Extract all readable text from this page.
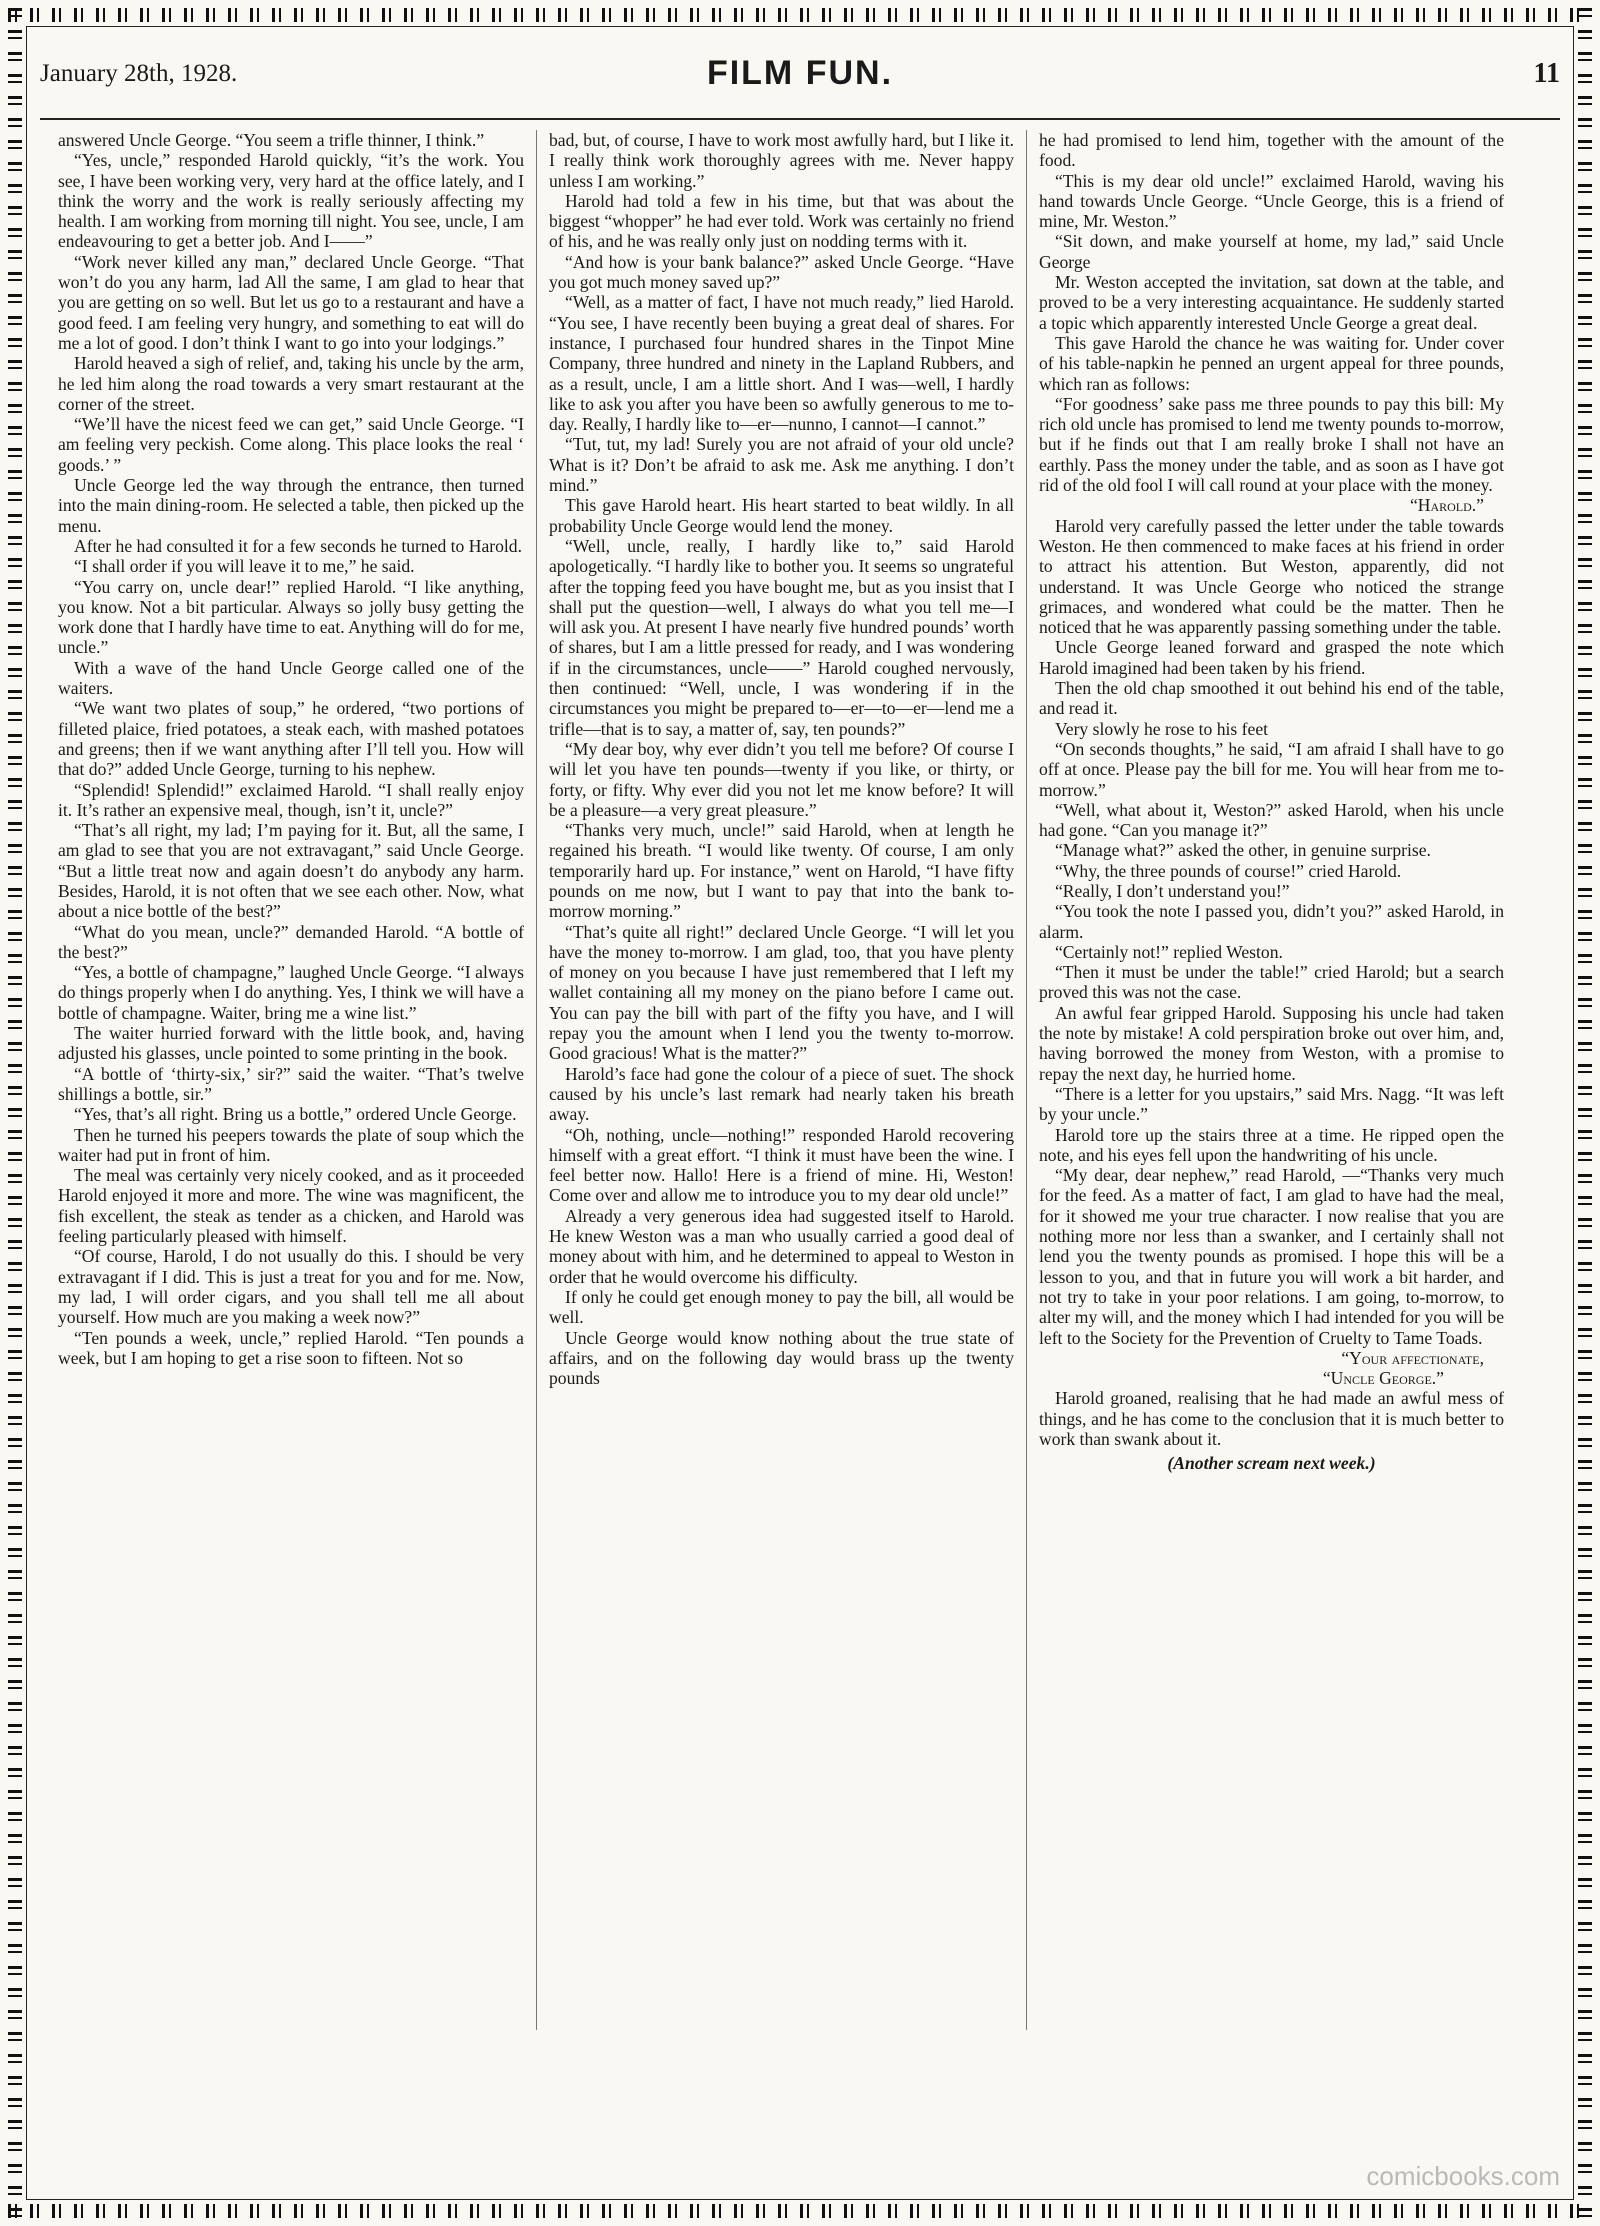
January 28th, 1928.	FILM FUN.	11

answered Uncle George. “You seem a trifle thinner, I think.”

“Yes, uncle,” responded Harold quickly, “it’s the work. You see, I have been working very, very hard at the office lately, and I think the worry and the work is really seriously affecting my health. I am working from morning till night. You see, uncle, I am endeavouring to get a better job. And I——”

“Work never killed any man,” declared Uncle George. “That won’t do you any harm, lad All the same, I am glad to hear that you are getting on so well. But let us go to a restaurant and have a good feed. I am feeling very hungry, and something to eat will do me a lot of good. I don’t think I want to go into your lodgings.”

Harold heaved a sigh of relief, and, taking his uncle by the arm, he led him along the road towards a very smart restaurant at the corner of the street.

“We’ll have the nicest feed we can get,” said Uncle George. “I am feeling very peckish. Come along. This place looks the real ‘ goods.’ ”

Uncle George led the way through the entrance, then turned into the main dining-room. He selected a table, then picked up the menu.

After he had consulted it for a few seconds he turned to Harold.

“I shall order if you will leave it to me,” he said.

“You carry on, uncle dear!” replied Harold. “I like anything, you know. Not a bit particular. Always so jolly busy getting the work done that I hardly have time to eat. Anything will do for me, uncle.”

With a wave of the hand Uncle George called one of the waiters.

“We want two plates of soup,” he ordered, “two portions of filleted plaice, fried potatoes, a steak each, with mashed potatoes and greens; then if we want anything after I’ll tell you. How will that do?” added Uncle George, turning to his nephew.

“Splendid! Splendid!” exclaimed Harold. “I shall really enjoy it. It’s rather an expensive meal, though, isn’t it, uncle?”

“That’s all right, my lad; I’m paying for it. But, all the same, I am glad to see that you are not extravagant,” said Uncle George. “But a little treat now and again doesn’t do anybody any harm. Besides, Harold, it is not often that we see each other. Now, what about a nice bottle of the best?”

“What do you mean, uncle?” demanded Harold. “A bottle of the best?”

“Yes, a bottle of champagne,” laughed Uncle George. “I always do things properly when I do anything. Yes, I think we will have a bottle of champagne. Waiter, bring me a wine list.”

The waiter hurried forward with the little book, and, having adjusted his glasses, uncle pointed to some printing in the book.

“A bottle of ‘thirty-six,’ sir?” said the waiter. “That’s twelve shillings a bottle, sir.”

“Yes, that’s all right. Bring us a bottle,” ordered Uncle George.

Then he turned his peepers towards the plate of soup which the waiter had put in front of him.

The meal was certainly very nicely cooked, and as it proceeded Harold enjoyed it more and more. The wine was magnificent, the fish excellent, the steak as tender as a chicken, and Harold was feeling particularly pleased with himself.

“Of course, Harold, I do not usually do this. I should be very extravagant if I did. This is just a treat for you and for me. Now, my lad, I will order cigars, and you shall tell me all about yourself. How much are you making a week now?”

“Ten pounds a week, uncle,” replied Harold. “Ten pounds a week, but I am hoping to get a rise soon to fifteen. Not so

bad, but, of course, I have to work most awfully hard, but I like it. I really think work thoroughly agrees with me. Never happy unless I am working.”

Harold had told a few in his time, but that was about the biggest “whopper” he had ever told. Work was certainly no friend of his, and he was really only just on nodding terms with it.

“And how is your bank balance?” asked Uncle George. “Have you got much money saved up?”

“Well, as a matter of fact, I have not much ready,” lied Harold. “You see, I have recently been buying a great deal of shares. For instance, I purchased four hundred shares in the Tinpot Mine Company, three hundred and ninety in the Lapland Rubbers, and as a result, uncle, I am a little short. And I was—well, I hardly like to ask you after you have been so awfully generous to me to-day. Really, I hardly like to—er—nunno, I cannot—I cannot.”

“Tut, tut, my lad! Surely you are not afraid of your old uncle? What is it? Don’t be afraid to ask me. Ask me anything. I don’t mind.”

This gave Harold heart. His heart started to beat wildly. In all probability Uncle George would lend the money.

“Well, uncle, really, I hardly like to,” said Harold apologetically. “I hardly like to bother you. It seems so ungrateful after the topping feed you have bought me, but as you insist that I shall put the question—well, I always do what you tell me—I will ask you. At present I have nearly five hundred pounds’ worth of shares, but I am a little pressed for ready, and I was wondering if in the circumstances, uncle——” Harold coughed nervously, then continued: “Well, uncle, I was wondering if in the circumstances you might be prepared to—er—to—er—lend me a trifle—that is to say, a matter of, say, ten pounds?”

“My dear boy, why ever didn’t you tell me before? Of course I will let you have ten pounds—twenty if you like, or thirty, or forty, or fifty. Why ever did you not let me know before? It will be a pleasure—a very great pleasure.”

“Thanks very much, uncle!” said Harold, when at length he regained his breath. “I would like twenty. Of course, I am only temporarily hard up. For instance,” went on Harold, “I have fifty pounds on me now, but I want to pay that into the bank to-morrow morning.”

“That’s quite all right!” declared Uncle George. “I will let you have the money to-morrow. I am glad, too, that you have plenty of money on you because I have just remembered that I left my wallet containing all my money on the piano before I came out. You can pay the bill with part of the fifty you have, and I will repay you the amount when I lend you the twenty to-morrow. Good gracious! What is the matter?”

Harold’s face had gone the colour of a piece of suet. The shock caused by his uncle’s last remark had nearly taken his breath away.

“Oh, nothing, uncle—nothing!” responded Harold recovering himself with a great effort. “I think it must have been the wine. I feel better now. Hallo! Here is a friend of mine. Hi, Weston! Come over and allow me to introduce you to my dear old uncle!”

Already a very generous idea had suggested itself to Harold. He knew Weston was a man who usually carried a good deal of money about with him, and he determined to appeal to Weston in order that he would overcome his difficulty.

If only he could get enough money to pay the bill, all would be well.

Uncle George would know nothing about the true state of affairs, and on the following day would brass up the twenty pounds

he had promised to lend him, together with the amount of the food.

“This is my dear old uncle!” exclaimed Harold, waving his hand towards Uncle George. “Uncle George, this is a friend of mine, Mr. Weston.”

“Sit down, and make yourself at home, my lad,” said Uncle George

Mr. Weston accepted the invitation, sat down at the table, and proved to be a very interesting acquaintance. He suddenly started a topic which apparently interested Uncle George a great deal.

This gave Harold the chance he was waiting for. Under cover of his table-napkin he penned an urgent appeal for three pounds, which ran as follows:

“For goodness’ sake pass me three pounds to pay this bill: My rich old uncle has promised to lend me twenty pounds to-morrow, but if he finds out that I am really broke I shall not have an earthly. Pass the money under the table, and as soon as I have got rid of the old fool I will call round at your place with the money.

“Harold.”

Harold very carefully passed the letter under the table towards Weston. He then commenced to make faces at his friend in order to attract his attention. But Weston, apparently, did not understand. It was Uncle George who noticed the strange grimaces, and wondered what could be the matter. Then he noticed that he was apparently passing something under the table.

Uncle George leaned forward and grasped the note which Harold imagined had been taken by his friend.

Then the old chap smoothed it out behind his end of the table, and read it.

Very slowly he rose to his feet

“On seconds thoughts,” he said, “I am afraid I shall have to go off at once. Please pay the bill for me. You will hear from me to-morrow.”

“Well, what about it, Weston?” asked Harold, when his uncle had gone. “Can you manage it?”

“Manage what?” asked the other, in genuine surprise.

“Why, the three pounds of course!” cried Harold.

“Really, I don’t understand you!”

“You took the note I passed you, didn’t you?” asked Harold, in alarm.

“Certainly not!” replied Weston.

“Then it must be under the table!” cried Harold; but a search proved this was not the case.

An awful fear gripped Harold. Supposing his uncle had taken the note by mistake! A cold perspiration broke out over him, and, having borrowed the money from Weston, with a promise to repay the next day, he hurried home.

“There is a letter for you upstairs,” said Mrs. Nagg. “It was left by your uncle.”

Harold tore up the stairs three at a time. He ripped open the note, and his eyes fell upon the handwriting of his uncle.

“My dear, dear nephew,” read Harold, —“Thanks very much for the feed. As a matter of fact, I am glad to have had the meal, for it showed me your true character. I now realise that you are nothing more nor less than a swanker, and I certainly shall not lend you the twenty pounds as promised. I hope this will be a lesson to you, and that in future you will work a bit harder, and not try to take in your poor relations. I am going, to-morrow, to alter my will, and the money which I had intended for you will be left to the Society for the Prevention of Cruelty to Tame Toads.

“Your affectionate,

“Uncle George.”

Harold groaned, realising that he had made an awful mess of things, and he has come to the conclusion that it is much better to work than swank about it.

(Another scream next week.)

comicbooks.com
